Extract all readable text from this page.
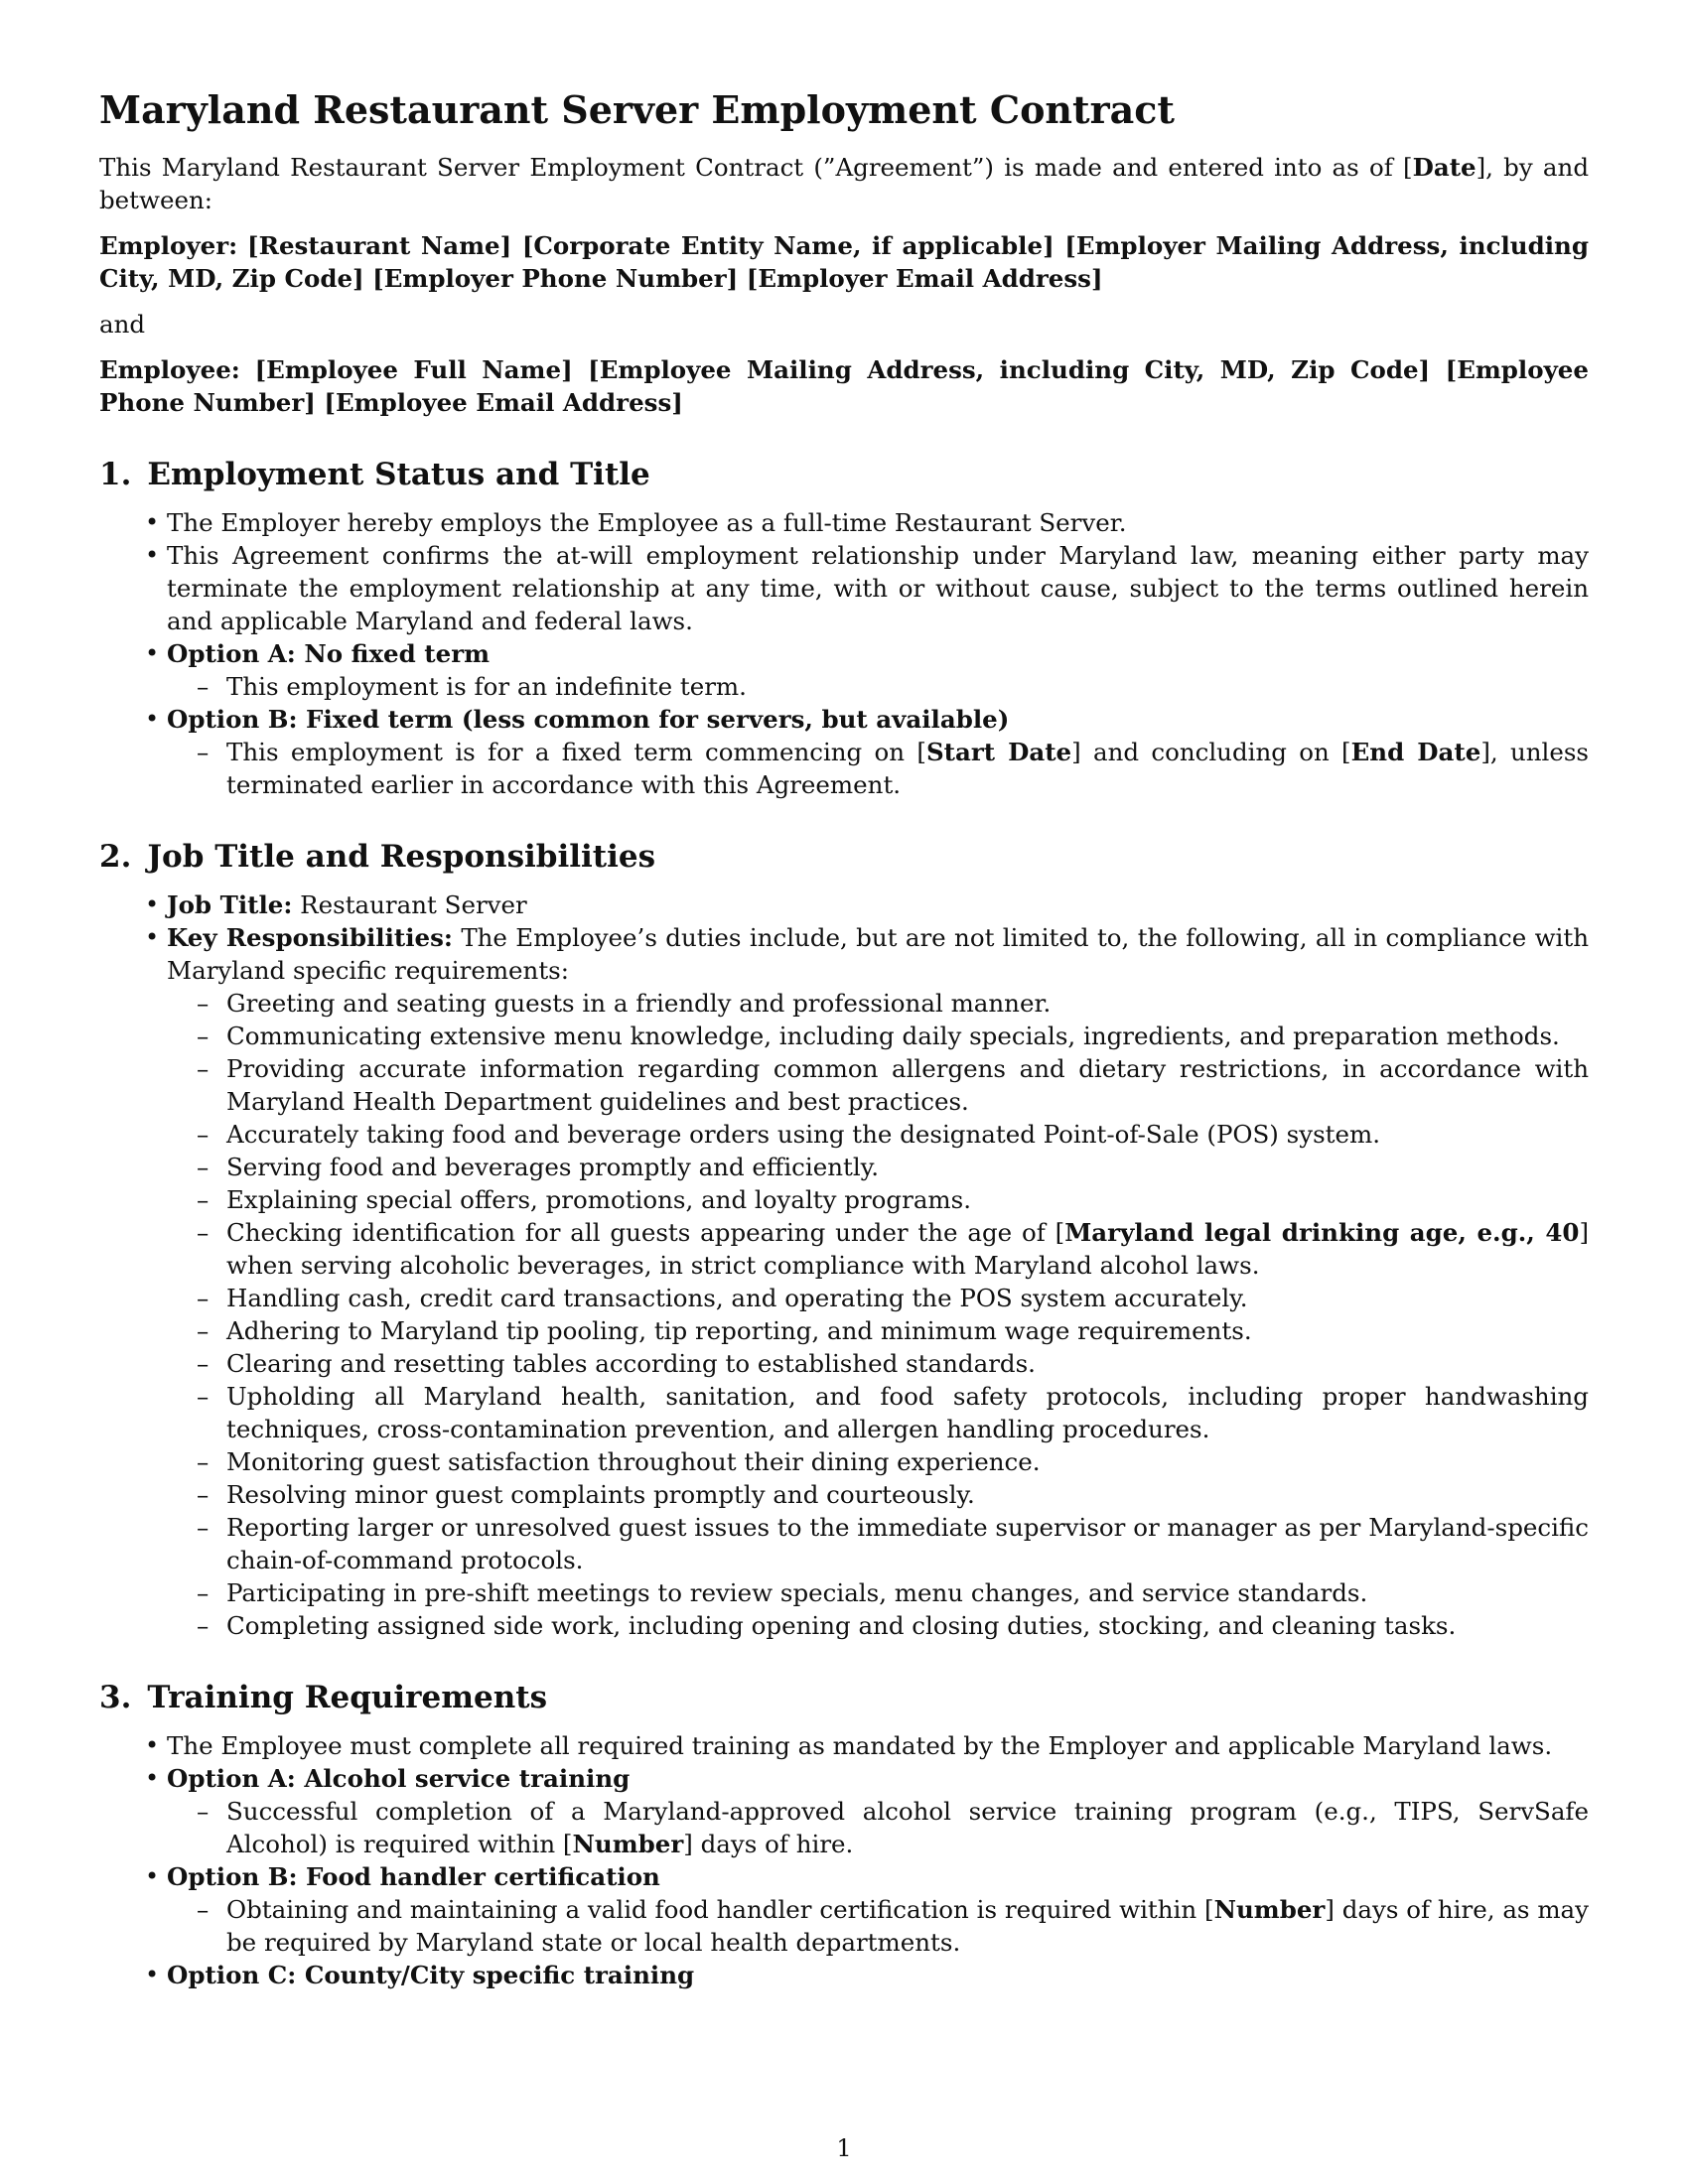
Maryland Restaurant Server Employment Contract

This Maryland Restaurant Server Employment Contract (”Agreement”) is made and entered into as of [Date], by and between:

Employer: [Restaurant Name] [Corporate Entity Name, if applicable] [Employer Mailing Address, including City, MD, Zip Code] [Employer Phone Number] [Employer Email Address]

and

Employee: [Employee Full Name] [Employee Mailing Address, including City, MD, Zip Code] [Employee Phone Number] [Employee Email Address]

1. Employment Status and Title
• The Employer hereby employs the Employee as a full-time Restaurant Server.
• This Agreement confirms the at-will employment relationship under Maryland law, meaning either party may terminate the employment relationship at any time, with or without cause, subject to the terms outlined herein and applicable Maryland and federal laws.
• Option A: No fixed term
– This employment is for an indefinite term.
• Option B: Fixed term (less common for servers, but available)
– This employment is for a fixed term commencing on [Start Date] and concluding on [End Date], unless terminated earlier in accordance with this Agreement.
2. Job Title and Responsibilities
• Job Title: Restaurant Server
• Key Responsibilities: The Employee’s duties include, but are not limited to, the following, all in compliance with Maryland specific requirements:
– Greeting and seating guests in a friendly and professional manner.
– Communicating extensive menu knowledge, including daily specials, ingredients, and preparation methods.
– Providing accurate information regarding common allergens and dietary restrictions, in accordance with Maryland Health Department guidelines and best practices.
– Accurately taking food and beverage orders using the designated Point-of-Sale (POS) system.
– Serving food and beverages promptly and efficiently.
– Explaining special offers, promotions, and loyalty programs.
– Checking identification for all guests appearing under the age of [Maryland legal drinking age, e.g., 40] when serving alcoholic beverages, in strict compliance with Maryland alcohol laws.
– Handling cash, credit card transactions, and operating the POS system accurately.
– Adhering to Maryland tip pooling, tip reporting, and minimum wage requirements.
– Clearing and resetting tables according to established standards.
– Upholding all Maryland health, sanitation, and food safety protocols, including proper handwashing techniques, cross-contamination prevention, and allergen handling procedures.
– Monitoring guest satisfaction throughout their dining experience.
– Resolving minor guest complaints promptly and courteously.
– Reporting larger or unresolved guest issues to the immediate supervisor or manager as per Maryland-specific chain-of-command protocols.
– Participating in pre-shift meetings to review specials, menu changes, and service standards.
– Completing assigned side work, including opening and closing duties, stocking, and cleaning tasks.
3. Training Requirements
• The Employee must complete all required training as mandated by the Employer and applicable Maryland laws.
• Option A: Alcohol service training
– Successful completion of a Maryland-approved alcohol service training program (e.g., TIPS, ServSafe Alcohol) is required within [Number] days of hire.
• Option B: Food handler certification
– Obtaining and maintaining a valid food handler certification is required within [Number] days of hire, as may be required by Maryland state or local health departments.
• Option C: County/City specific training
1
